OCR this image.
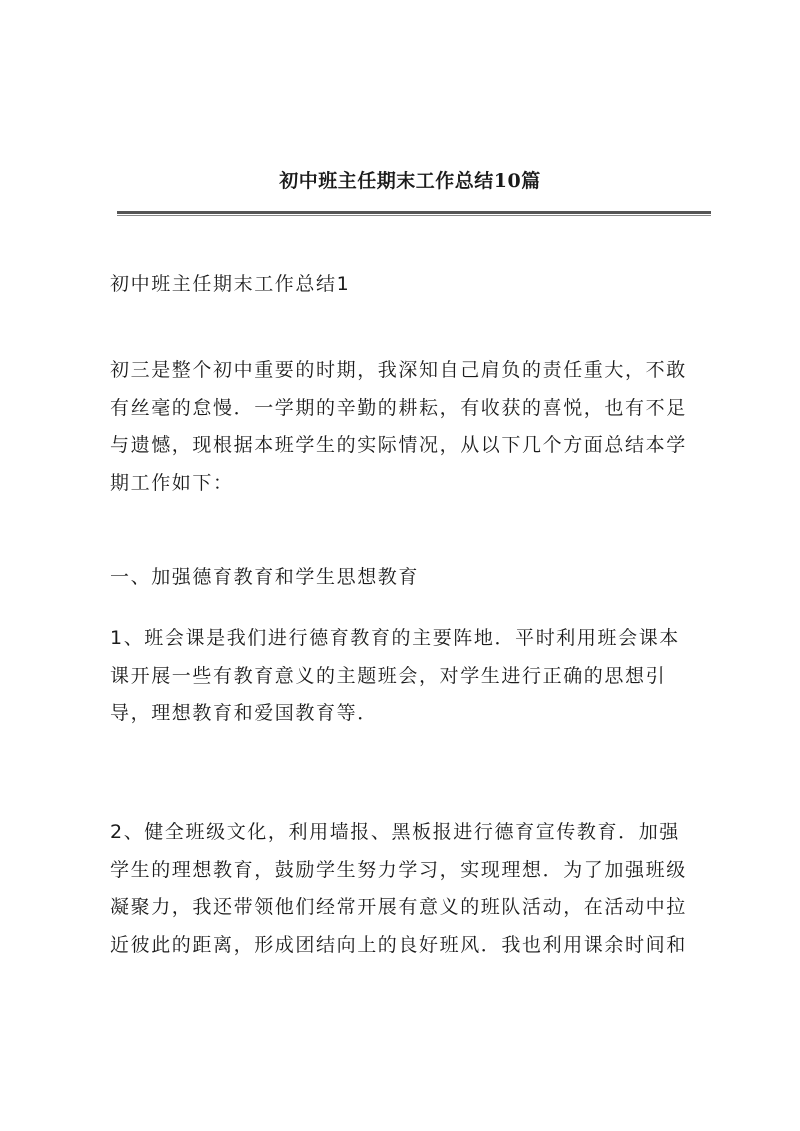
初中班主任期末工作总结10篇
初中班主任期末工作总结1
初三是整个初中重要的时期，我深知自己肩负的责任重大，不敢
有丝毫的怠慢．一学期的辛勤的耕耘，有收获的喜悦，也有不足
与遗憾，现根据本班学生的实际情况，从以下几个方面总结本学
期工作如下：
一、加强德育教育和学生思想教育
1、班会课是我们进行德育教育的主要阵地．平时利用班会课本
课开展一些有教育意义的主题班会，对学生进行正确的思想引
导，理想教育和爱国教育等．
2、健全班级文化，利用墙报、黑板报进行德育宣传教育．加强
学生的理想教育，鼓励学生努力学习，实现理想．为了加强班级
凝聚力，我还带领他们经常开展有意义的班队活动，在活动中拉
近彼此的距离，形成团结向上的良好班风．我也利用课余时间和
